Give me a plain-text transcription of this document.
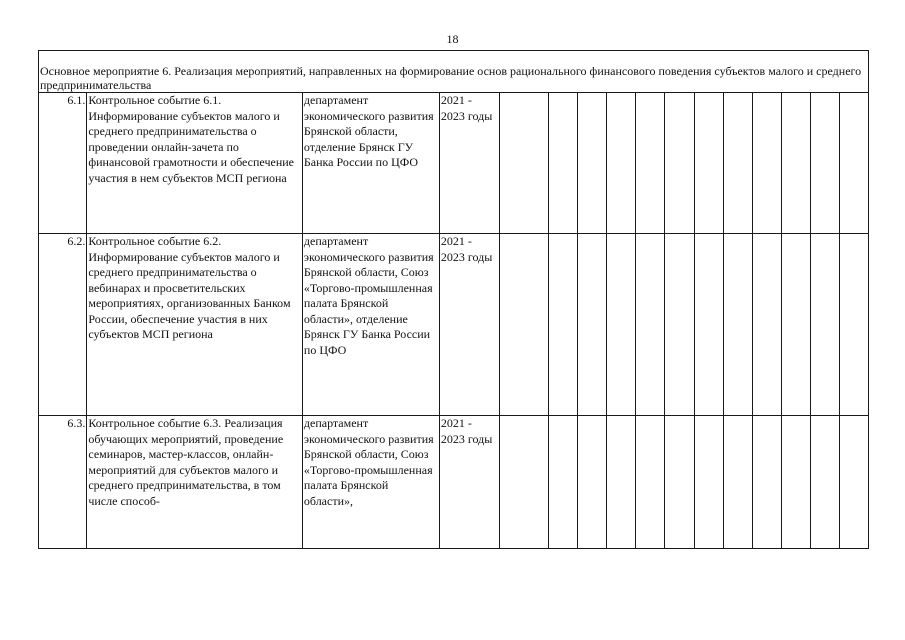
18
Основное мероприятие 6. Реализация мероприятий, направленных на формирование основ рационального финансового поведения субъектов малого и среднего предпринимательства															

6.1.	Контрольное событие 6.1. Информирование субъектов малого и среднего предпринимательства о проведении онлайн-зачета по финансовой грамотности и обеспечение участия в нем субъектов МСП региона	департамент экономического развития Брянской области, отделение Брянск ГУ Банка России по ЦФО	2021 - 2023 годы												
6.2.	Контрольное событие 6.2. Информирование субъектов малого и среднего предпринимательства о вебинарах и просветительских мероприятиях, организованных Банком России, обеспечение участия в них субъектов МСП региона	департамент экономического развития Брянской области, Союз «Торгово-промышленная палата Брянской области», отделение Брянск ГУ Банка России по ЦФО	2021 - 2023 годы												
6.3.	Контрольное событие 6.3. Реализация обучающих мероприятий, проведение семинаров, мастер-классов, онлайн-мероприятий для субъектов малого и среднего предпринимательства, в том числе способ-	департамент экономического развития Брянской области, Союз «Торгово-промышленная палата Брянской области»,	2021 - 2023 годы												
